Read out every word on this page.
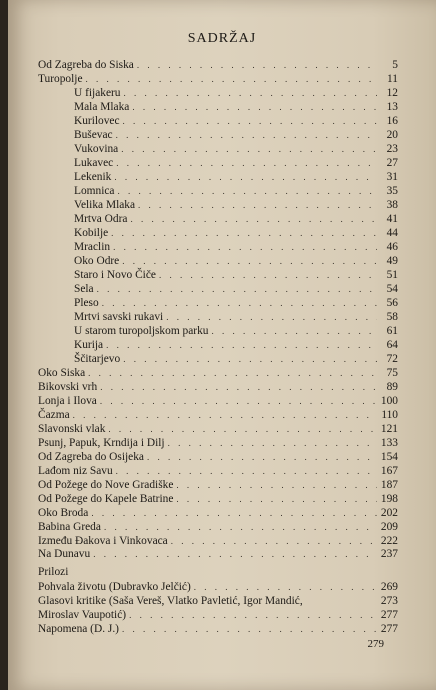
SADRŽAJ
Od Zagreba do Siska . . .	5
Turopolje . . .	11
U fijakeru . . .	12
Mala Mlaka . . .	13
Kurilovec . . .	16
Buševac . . .	20
Vukovina . . .	23
Lukavec . . .	27
Lekenik . . .	31
Lomnica . . .	35
Velika Mlaka . . .	38
Mrtva Odra . . .	41
Kobilje . . .	44
Mraclin . . .	46
Oko Odre . . .	49
Staro i Novo Čiče . . .	51
Sela . . .	54
Pleso . . .	56
Mrtvi savski rukavi . . .	58
U starom turopoljskom parku . . .	61
Kurija . . .	64
Ščitarjevo . . .	72
Oko Siska . . .	75
Bikovski vrh . . .	89
Lonja i Ilova . . .	100
Čazma . . .	110
Slavonski vlak . . .	121
Psunj, Papuk, Krndija i Dilj . . .	133
Od Zagreba do Osijeka . . .	154
Lađom niz Savu . . .	167
Od Požege do Nove Gradiške . . .	187
Od Požege do Kapele Batrine . . .	198
Oko Broda . . .	202
Babina Greda . . .	209
Između Đakova i Vinkovaca . . .	222
Na Dunavu . . .	237
Prilozi
Pohvala životu (Dubravko Jelčić) . . .	269
Glasovi kritike (Saša Vereš, Vlatko Pavletić, Igor Mandić,	273
Miroslav Vaupotić) . . .	277
Napomena (D. J.) . . .	277
279
